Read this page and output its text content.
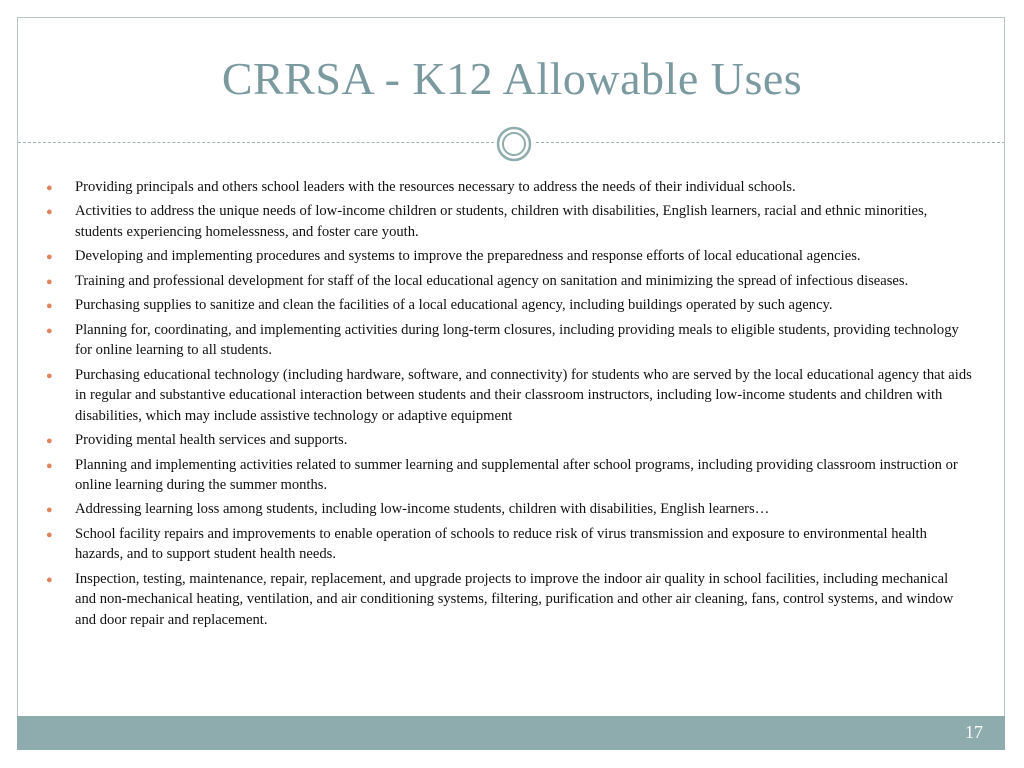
CRRSA - K12 Allowable Uses
● Providing principals and others school leaders with the resources necessary to address the needs of their individual schools.
● Activities to address the unique needs of low-income children or students, children with disabilities, English learners, racial and ethnic minorities, students experiencing homelessness, and foster care youth.
● Developing and implementing procedures and systems to improve the preparedness and response efforts of local educational agencies.
● Training and professional development for staff of the local educational agency on sanitation and minimizing the spread of infectious diseases.
● Purchasing supplies to sanitize and clean the facilities of a local educational agency, including buildings operated by such agency.
● Planning for, coordinating, and implementing activities during long-term closures, including providing meals to eligible students, providing technology for online learning to all students.
● Purchasing educational technology (including hardware, software, and connectivity) for students who are served by the local educational agency that aids in regular and substantive educational interaction between students and their classroom instructors, including low-income students and children with disabilities, which may include assistive technology or adaptive equipment
● Providing mental health services and supports.
● Planning and implementing activities related to summer learning and supplemental after school programs, including providing classroom instruction or online learning during the summer months.
● Addressing learning loss among students, including low-income students, children with disabilities, English learners…
● School facility repairs and improvements to enable operation of schools to reduce risk of virus transmission and exposure to environmental health hazards, and to support student health needs.
● Inspection, testing, maintenance, repair, replacement, and upgrade projects to improve the indoor air quality in school facilities, including mechanical and non-mechanical heating, ventilation, and air conditioning systems, filtering, purification and other air cleaning, fans, control systems, and window and door repair and replacement.
17
